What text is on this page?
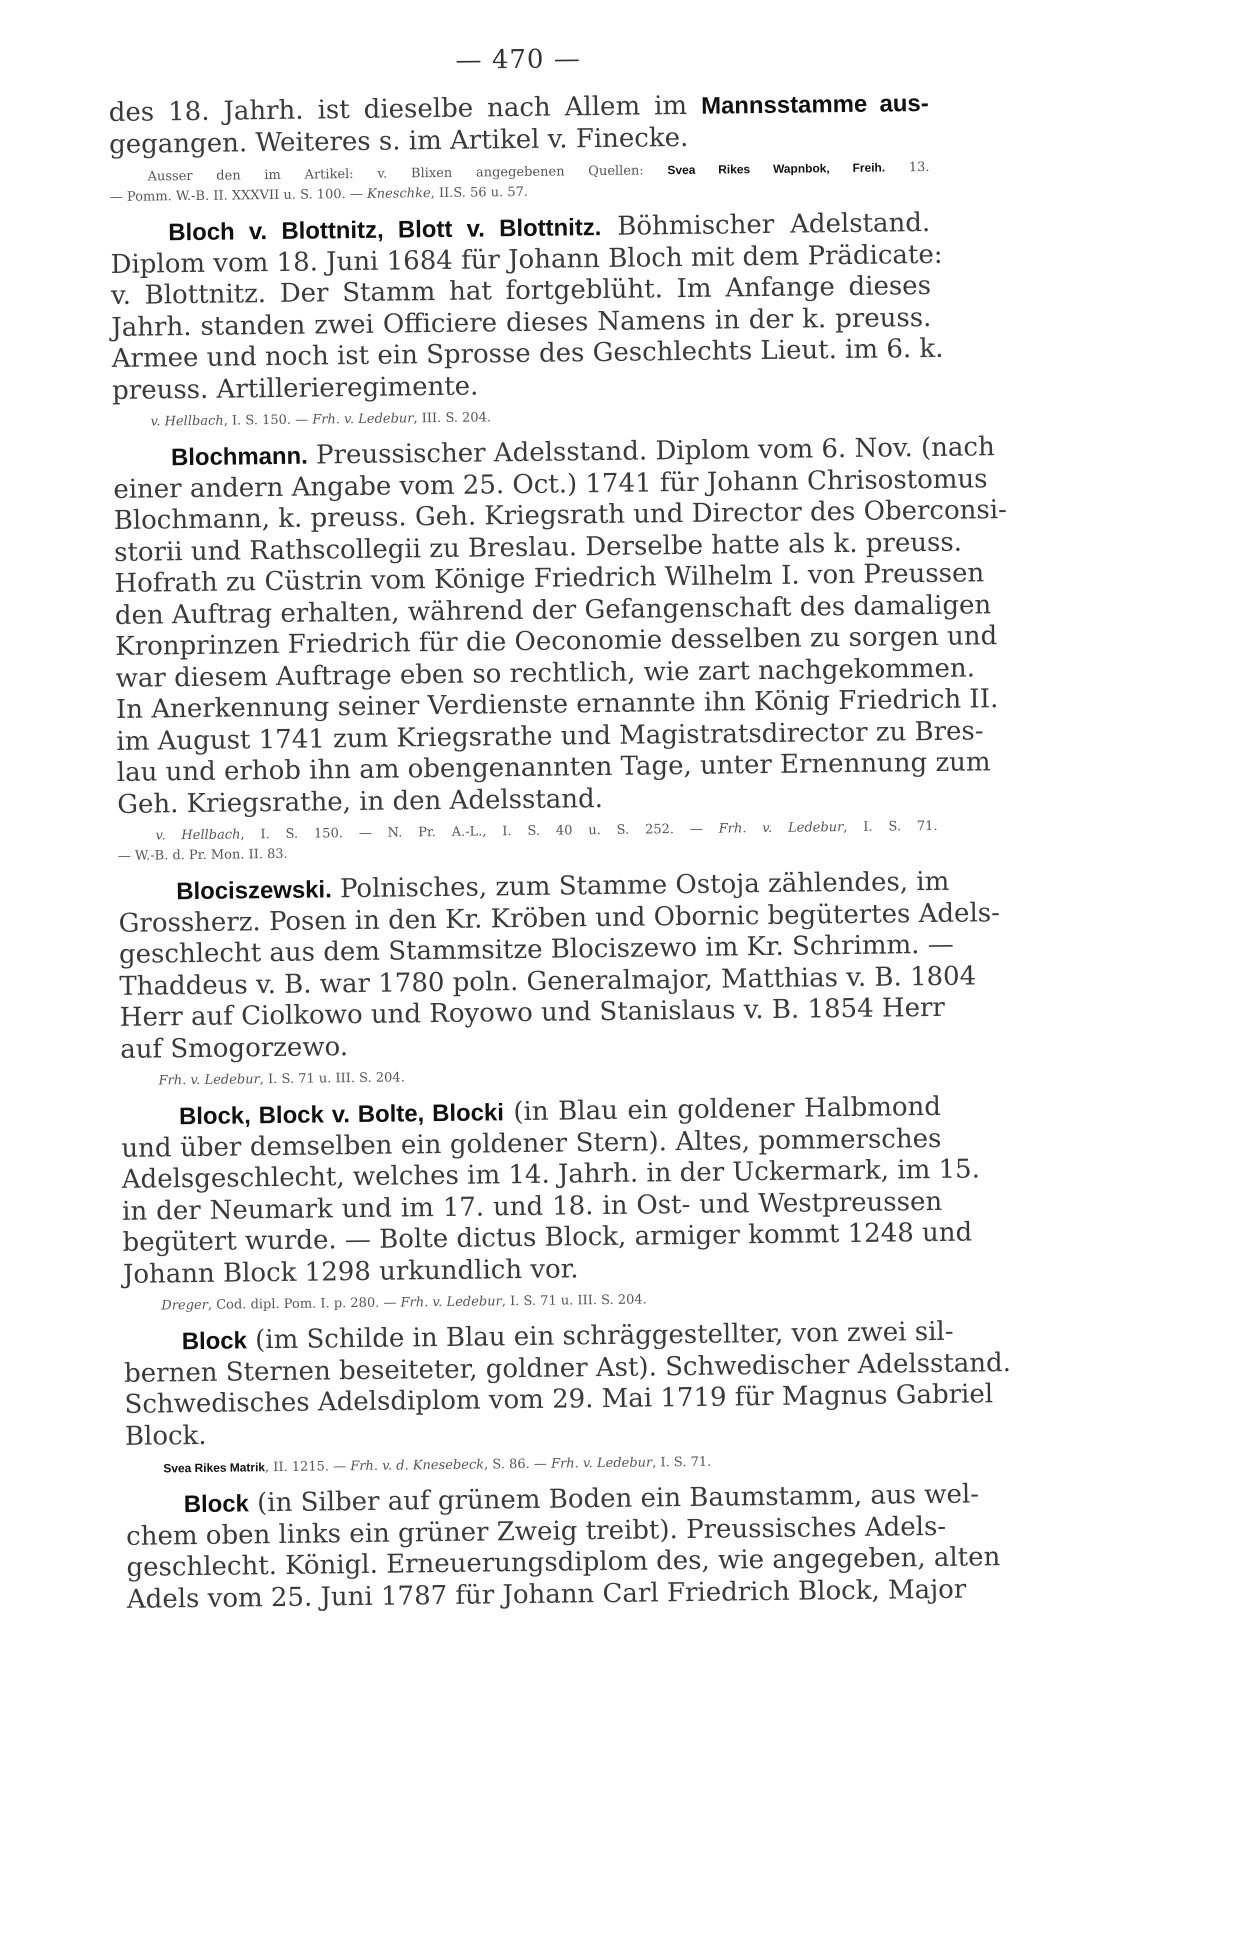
— 470 —
des 18. Jahrh. ist dieselbe nach Allem im Mannsstamme aus-
gegangen. Weiteres s. im Artikel v. Finecke.
Ausser den im Artikel: v. Blixen angegebenen Quellen: Svea Rikes Wapnbok, Freih. 13.
— Pomm. W.-B. II. XXXVII u. S. 100. — Kneschke, II.S. 56 u. 57.
Bloch v. Blottnitz, Blott v. Blottnitz. Böhmischer Adelstand.
Diplom vom 18. Juni 1684 für Johann Bloch mit dem Prädicate:
v. Blottnitz. Der Stamm hat fortgeblüht. Im Anfange dieses
Jahrh. standen zwei Officiere dieses Namens in der k. preuss.
Armee und noch ist ein Sprosse des Geschlechts Lieut. im 6. k.
preuss. Artillerieregimente.
v. Hellbach, I. S. 150. — Frh. v. Ledebur, III. S. 204.
Blochmann. Preussischer Adelsstand. Diplom vom 6. Nov. (nach
einer andern Angabe vom 25. Oct.) 1741 für Johann Chrisostomus
Blochmann, k. preuss. Geh. Kriegsrath und Director des Oberconsi-
storii und Rathscollegii zu Breslau. Derselbe hatte als k. preuss.
Hofrath zu Cüstrin vom Könige Friedrich Wilhelm I. von Preussen
den Auftrag erhalten, während der Gefangenschaft des damaligen
Kronprinzen Friedrich für die Oeconomie desselben zu sorgen und
war diesem Auftrage eben so rechtlich, wie zart nachgekommen.
In Anerkennung seiner Verdienste ernannte ihn König Friedrich II.
im August 1741 zum Kriegsrathe und Magistratsdirector zu Bres-
lau und erhob ihn am obengenannten Tage, unter Ernennung zum
Geh. Kriegsrathe, in den Adelsstand.
v. Hellbach, I. S. 150. — N. Pr. A.-L., I. S. 40 u. S. 252. — Frh. v. Ledebur, I. S. 71.
— W.-B. d. Pr. Mon. II. 83.
Blociszewski. Polnisches, zum Stamme Ostoja zählendes, im
Grossherz. Posen in den Kr. Kröben und Obornic begütertes Adels-
geschlecht aus dem Stammsitze Blociszewo im Kr. Schrimm. —
Thaddeus v. B. war 1780 poln. Generalmajor, Matthias v. B. 1804
Herr auf Ciolkowo und Royowo und Stanislaus v. B. 1854 Herr
auf Smogorzewo.
Frh. v. Ledebur, I. S. 71 u. III. S. 204.
Block, Block v. Bolte, Blocki (in Blau ein goldener Halbmond
und über demselben ein goldener Stern). Altes, pommersches
Adelsgeschlecht, welches im 14. Jahrh. in der Uckermark, im 15.
in der Neumark und im 17. und 18. in Ost- und Westpreussen
begütert wurde. — Bolte dictus Block, armiger kommt 1248 und
Johann Block 1298 urkundlich vor.
Dreger, Cod. dipl. Pom. I. p. 280. — Frh. v. Ledebur, I. S. 71 u. III. S. 204.
Block (im Schilde in Blau ein schräggestellter, von zwei sil-
bernen Sternen beseiteter, goldner Ast). Schwedischer Adelsstand.
Schwedisches Adelsdiplom vom 29. Mai 1719 für Magnus Gabriel
Block.
Svea Rikes Matrik, II. 1215. — Frh. v. d. Knesebeck, S. 86. — Frh. v. Ledebur, I. S. 71.
Block (in Silber auf grünem Boden ein Baumstamm, aus wel-
chem oben links ein grüner Zweig treibt). Preussisches Adels-
geschlecht. Königl. Erneuerungsdiplom des, wie angegeben, alten
Adels vom 25. Juni 1787 für Johann Carl Friedrich Block, Major
